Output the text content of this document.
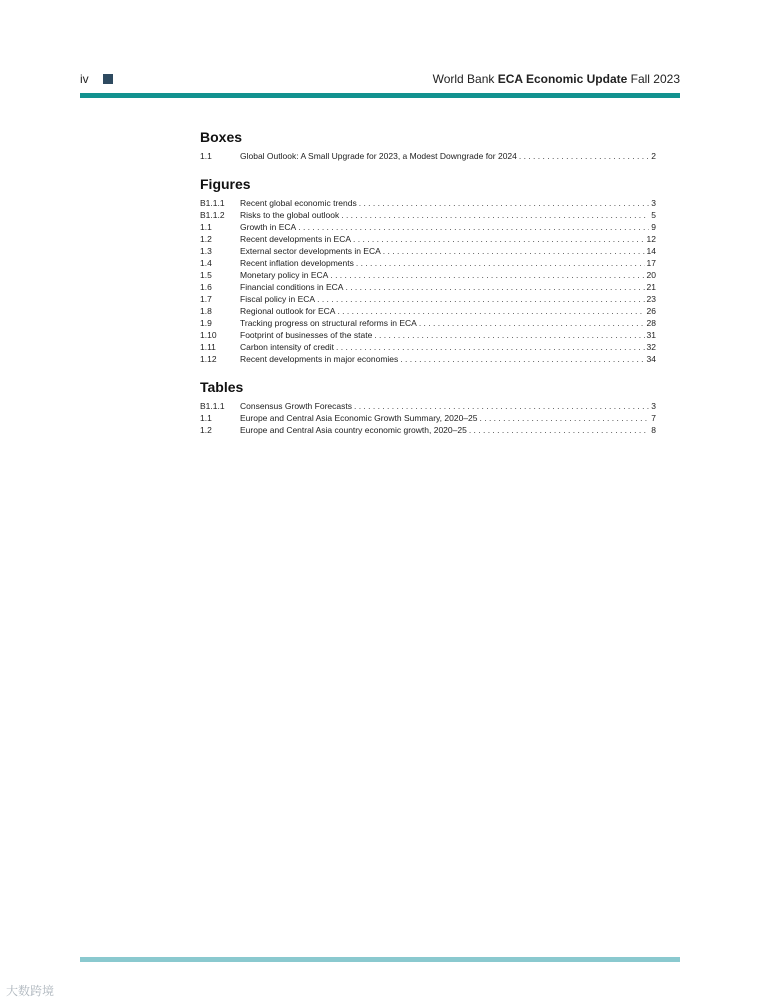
iv	World Bank ECA Economic Update Fall 2023
Boxes
1.1	Global Outlook: A Small Upgrade for 2023, a Modest Downgrade for 2024 . . .	2
Figures
B1.1.1	Recent global economic trends . . .	3
B1.1.2	Risks to the global outlook . . .	5
1.1	Growth in ECA . . .	9
1.2	Recent developments in ECA . . .	12
1.3	External sector developments in ECA . . .	14
1.4	Recent inflation developments . . .	17
1.5	Monetary policy in ECA . . .	20
1.6	Financial conditions in ECA . . .	21
1.7	Fiscal policy in ECA . . .	23
1.8	Regional outlook for ECA . . .	26
1.9	Tracking progress on structural reforms in ECA . . .	28
1.10	Footprint of businesses of the state . . .	31
1.11	Carbon intensity of credit . . .	32
1.12	Recent developments in major economies . . .	34
Tables
B1.1.1	Consensus Growth Forecasts . . .	3
1.1	Europe and Central Asia Economic Growth Summary, 2020–25 . . .	7
1.2	Europe and Central Asia country economic growth, 2020–25 . . .	8
大数跨境
